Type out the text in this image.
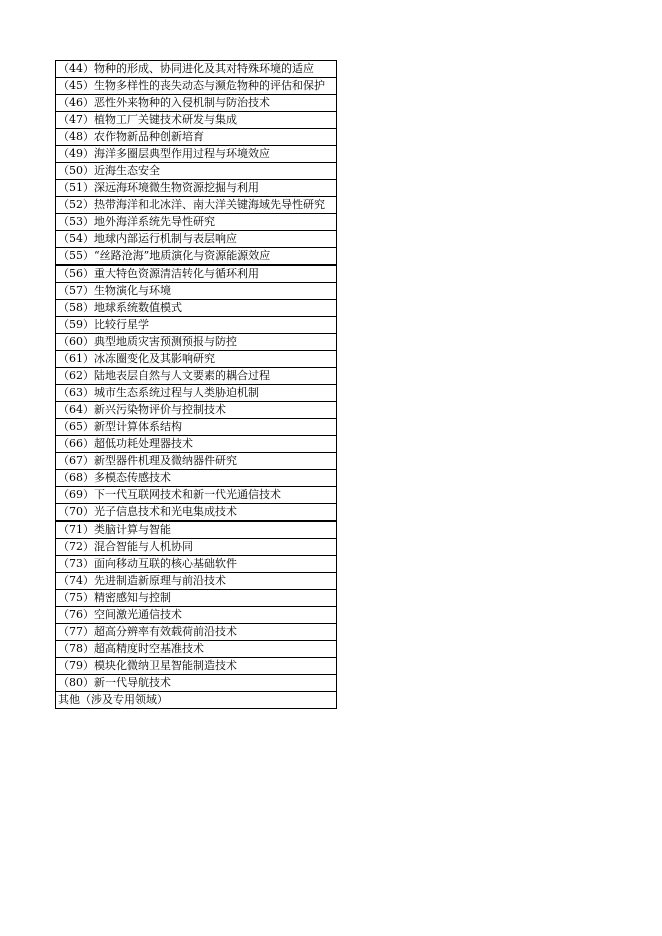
（44）物种的形成、协同进化及其对特殊环境的适应
（45）生物多样性的丧失动态与濒危物种的评估和保护
（46）恶性外来物种的入侵机制与防治技术
（47）植物工厂关键技术研发与集成
（48）农作物新品种创新培育
（49）海洋多圈层典型作用过程与环境效应
（50）近海生态安全
（51）深远海环境微生物资源挖掘与利用
（52）热带海洋和北冰洋、南大洋关键海域先导性研究
（53）地外海洋系统先导性研究
（54）地球内部运行机制与表层响应
（55）“丝路沧海”地质演化与资源能源效应
（56）重大特色资源清洁转化与循环利用
（57）生物演化与环境
（58）地球系统数值模式
（59）比较行星学
（60）典型地质灾害预测预报与防控
（61）冰冻圈变化及其影响研究
（62）陆地表层自然与人文要素的耦合过程
（63）城市生态系统过程与人类胁迫机制
（64）新兴污染物评价与控制技术
（65）新型计算体系结构
（66）超低功耗处理器技术
（67）新型器件机理及微纳器件研究
（68）多模态传感技术
（69）下一代互联网技术和新一代光通信技术
（70）光子信息技术和光电集成技术
（71）类脑计算与智能
（72）混合智能与人机协同
（73）面向移动互联的核心基础软件
（74）先进制造新原理与前沿技术
（75）精密感知与控制
（76）空间激光通信技术
（77）超高分辨率有效载荷前沿技术
（78）超高精度时空基准技术
（79）模块化微纳卫星智能制造技术
（80）新一代导航技术
其他（涉及专用领域）
